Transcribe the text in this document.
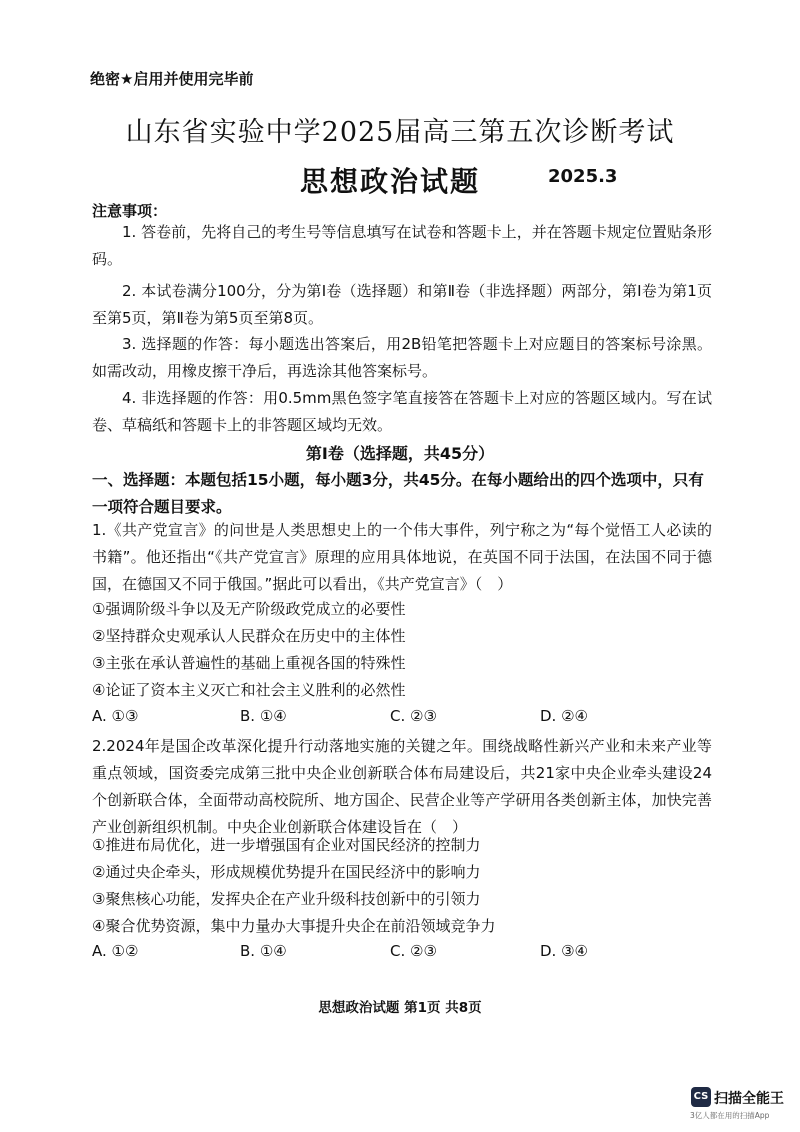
绝密★启用并使用完毕前
山东省实验中学2025届高三第五次诊断考试
思想政治试题	2025.3
注意事项：
1. 答卷前，先将自己的考生号等信息填写在试卷和答题卡上，并在答题卡规定位置贴条形码。
2. 本试卷满分100分，分为第Ⅰ卷（选择题）和第Ⅱ卷（非选择题）两部分，第Ⅰ卷为第1页至第5页，第Ⅱ卷为第5页至第8页。
3. 选择题的作答：每小题选出答案后，用2B铅笔把答题卡上对应题目的答案标号涂黑。如需改动，用橡皮擦干净后，再选涂其他答案标号。
4. 非选择题的作答：用0.5mm黑色签字笔直接答在答题卡上对应的答题区域内。写在试卷、草稿纸和答题卡上的非答题区域均无效。
第Ⅰ卷（选择题，共45分）
一、选择题：本题包括15小题，每小题3分，共45分。在每小题给出的四个选项中，只有一项符合题目要求。
1.《共产党宣言》的问世是人类思想史上的一个伟大事件，列宁称之为“每个觉悟工人必读的书籍”。他还指出“《共产党宣言》原理的应用具体地说，在英国不同于法国，在法国不同于德国，在德国又不同于俄国。”据此可以看出，《共产党宣言》（　）
①强调阶级斗争以及无产阶级政党成立的必要性
②坚持群众史观承认人民群众在历史中的主体性
③主张在承认普遍性的基础上重视各国的特殊性
④论证了资本主义灭亡和社会主义胜利的必然性
A. ①③	B. ①④	C. ②③	D. ②④
2.2024年是国企改革深化提升行动落地实施的关键之年。围绕战略性新兴产业和未来产业等重点领域，国资委完成第三批中央企业创新联合体布局建设后，共21家中央企业牵头建设24个创新联合体，全面带动高校院所、地方国企、民营企业等产学研用各类创新主体，加快完善产业创新组织机制。中央企业创新联合体建设旨在（　）
①推进布局优化，进一步增强国有企业对国民经济的控制力
②通过央企牵头，形成规模优势提升在国民经济中的影响力
③聚焦核心功能，发挥央企在产业升级科技创新中的引领力
④聚合优势资源，集中力量办大事提升央企在前沿领域竞争力
A. ①②	B. ①④	C. ②③	D. ③④
思想政治试题 第1页 共8页
CS 扫描全能王
3亿人都在用的扫描App
